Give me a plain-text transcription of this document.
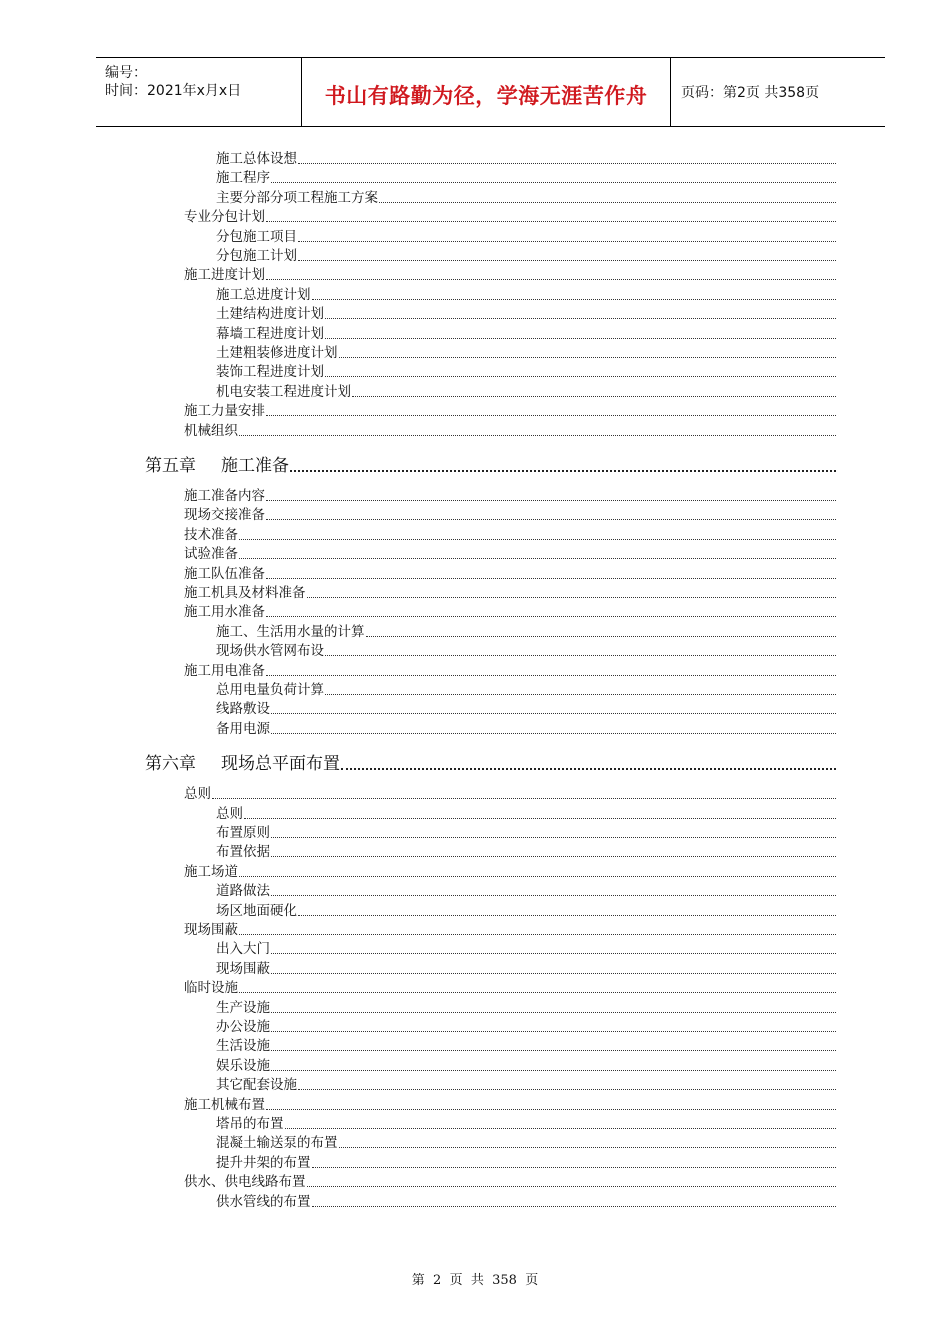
编号：
时间：2021年x月x日	书山有路勤为径，学海无涯苦作舟	页码：第2页 共358页
施工总体设想
施工程序
主要分部分项工程施工方案
专业分包计划
分包施工项目
分包施工计划
施工进度计划
施工总进度计划
土建结构进度计划
幕墙工程进度计划
土建粗装修进度计划
装饰工程进度计划
机电安装工程进度计划
施工力量安排
机械组织
第五章 施工准备
施工准备内容
现场交接准备
技术准备
试验准备
施工队伍准备
施工机具及材料准备
施工用水准备
施工、生活用水量的计算
现场供水管网布设
施工用电准备
总用电量负荷计算
线路敷设
备用电源
第六章 现场总平面布置
总则
总则
布置原则
布置依据
施工场道
道路做法
场区地面硬化
现场围蔽
出入大门
现场围蔽
临时设施
生产设施
办公设施
生活设施
娱乐设施
其它配套设施
施工机械布置
塔吊的布置
混凝土输送泵的布置
提升井架的布置
供水、供电线路布置
供水管线的布置
第  2  页  共  358  页
